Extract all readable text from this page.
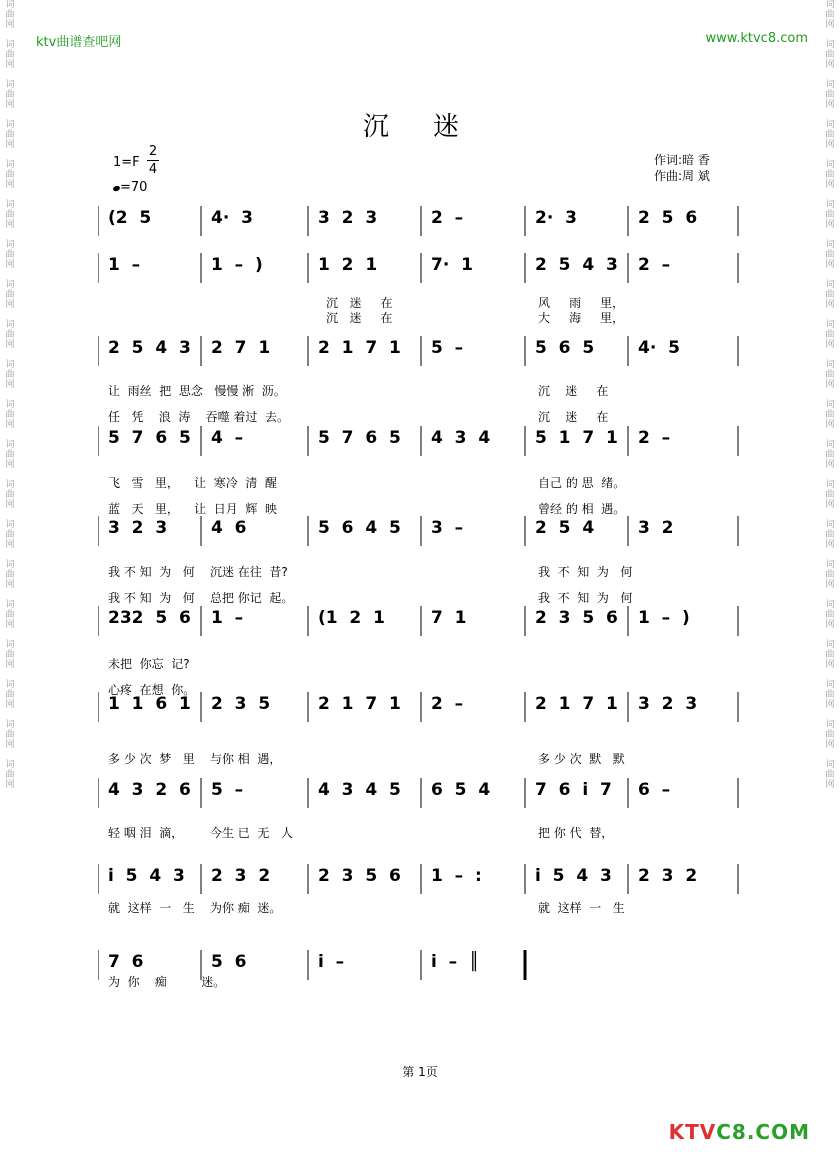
词
曲
网

词
曲
网

词
曲
网

词
曲
网

词
曲
网

词
曲
网

词
曲
网

词
曲
网

词
曲
网

词
曲
网

词
曲
网

词
曲
网

词
曲
网

词
曲
网

词
曲
网

词
曲
网

词
曲
网

词
曲
网

词
曲
网

词
曲
网
词
曲
网

词
曲
网

词
曲
网

词
曲
网

词
曲
网

词
曲
网

词
曲
网

词
曲
网

词
曲
网

词
曲
网

词
曲
网

词
曲
网

词
曲
网

词
曲
网

词
曲
网

词
曲
网

词
曲
网

词
曲
网

词
曲
网

词
曲
网
ktv曲谱查吧网	www.ktvc8.com
沉 迷
1=F
2
4
=70
作词:暗 香
作曲:周 斌
(2  5	4·  3	3  2  3	2  –	2·  3	2  5  6
1  –	1  –  )	1  2  1	7·  1	2  5  4  3	2  –
2  5  4  3	2  7  1	2  1  7  1	5  –	5  6  5	4·  5
5  7  6  5	4  –	5  7  6  5	4  3  4	5  1  7  1	2  –
3  2  3	4  6	5  6  4  5	3  –	2  5  4	3  2
232  5  6	1  –	(1  2  1	7  1	2  3  5  6	1  –  )
1  1  6  1	2  3  5	2  1  7  1	2  –	2  1  7  1	3  2  3
4  3  2  6	5  –	4  3  4  5	6  5  4	7  6  i  7	6  –
i  5  4  3	2  3  2	2  3  5  6	1  –  :	i  5  4  3	2  3  2
7  6	5  6	i  –	i  –  ║
沉   迷     在	风     雨     里，
沉   迷     在	大     海     里，
让  雨丝  把  思念   慢慢 淅  沥。	沉    迷     在
任   凭    浪  涛    吞噬 着过  去。	沉    迷     在
飞   雪   里，    让  寒冷  清  醒	自己 的 思  绪。
蓝   天   里，    让  日月  辉  映	曾经 的 相  遇。
我 不 知  为   何    沉迷 在往  昔?	我  不  知  为   何
我 不 知  为   何    总把 你记  起。	我  不  知  为   何
未把  你忘  记?
心疼  在想  你。
多 少 次  梦   里    与你 相  遇，	多 少 次  默   默
轻 咽 泪  滴，       今生 已  无   人	把 你 代  替，
就  这样  一   生    为你 痴  迷。	就  这样  一   生
为  你    痴         迷。
第 1页
KTVC8.COM
